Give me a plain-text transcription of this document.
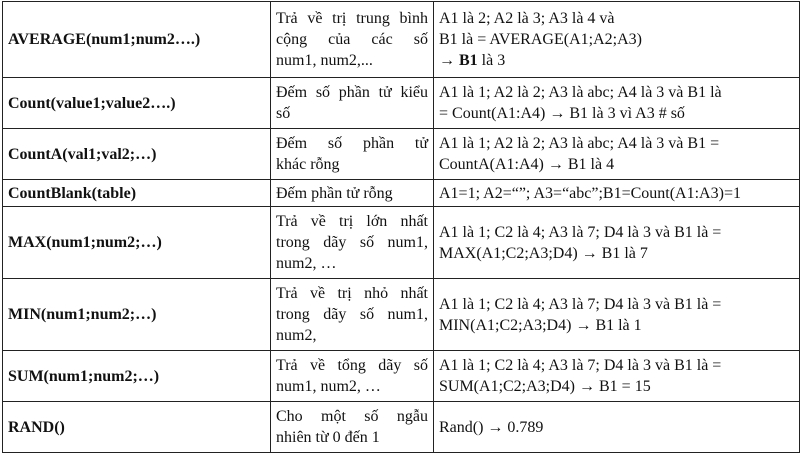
AVERAGE(num1;num2….)	Trả về trị trung bình
cộng của các số
num1, num2,...	A1 là 2; A2 là 3; A3 là 4 và
B1 là = AVERAGE(A1;A2;A3)
→ B1 là 3

Count(value1;value2….)	Đếm số phần tử kiểu
số	A1 là 1; A2 là 2; A3 là abc; A4 là 3 và B1 là
= Count(A1:A4) → B1 là 3 vì A3 # số

CountA(val1;val2;…)	Đếm số phần tử
khác rỗng	A1 là 1; A2 là 2; A3 là abc; A4 là 3 và B1 =
CountA(A1:A4) → B1 là 4

CountBlank(table)	Đếm phần tử rỗng	A1=1; A2=“”; A3=“abc”;B1=Count(A1:A3)=1

MAX(num1;num2;…)	Trả về trị lớn nhất
trong dãy số num1,
num2, …	A1 là 1; C2 là 4; A3 là 7; D4 là 3 và B1 là =
MAX(A1;C2;A3;D4) → B1 là 7

MIN(num1;num2;…)	Trả về trị nhỏ nhất
trong dãy số num1,
num2,	A1 là 1; C2 là 4; A3 là 7; D4 là 3 và B1 là =
MIN(A1;C2;A3;D4) → B1 là 1

SUM(num1;num2;…)	Trả về tổng dãy số
num1, num2, …	A1 là 1; C2 là 4; A3 là 7; D4 là 3 và B1 là =
SUM(A1;C2;A3;D4) → B1 = 15

RAND()	Cho một số ngẫu
nhiên từ 0 đến 1	Rand() → 0.789
